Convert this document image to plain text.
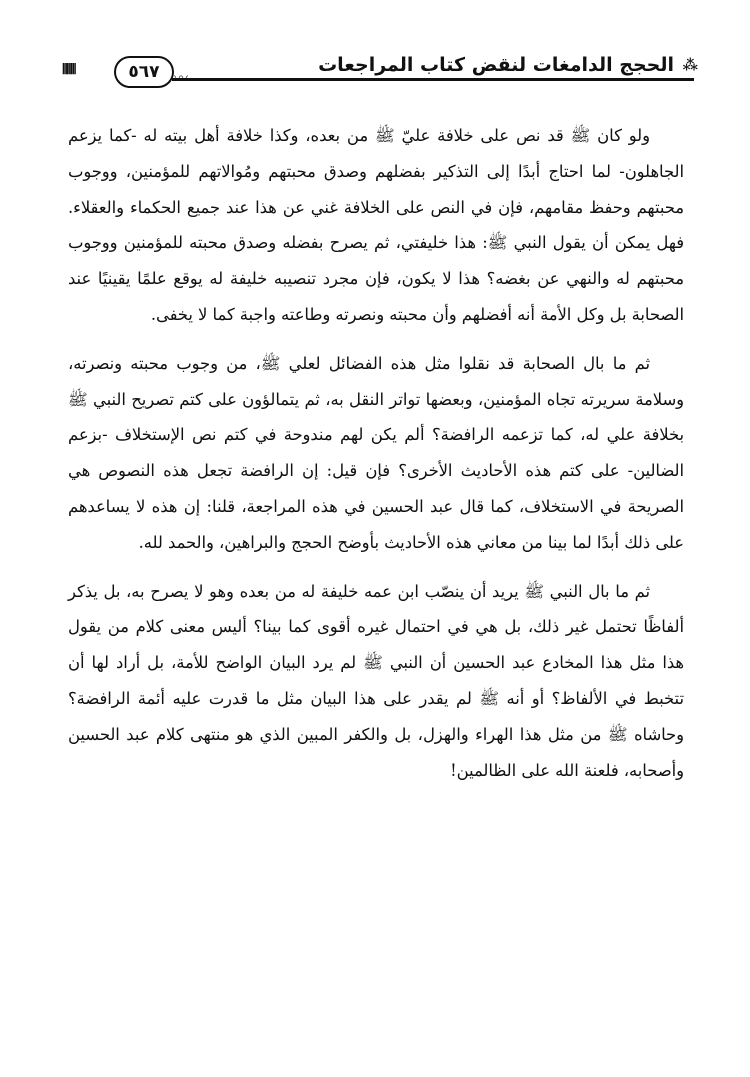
〰
⦀⦀⦀	٥٦٧	الحجج الدامغات لنقض كتاب المراجعات ⁂

ولو كان ﷺ قد نص على خلافة عليّ ﷺ من بعده، وكذا خلافة أهل بيته له -كما يزعم الجاهلون- لما احتاج أبدًا إلى التذكير بفضلهم وصدق محبتهم ومُوالاتهم للمؤمنين، ووجوب محبتهم وحفظ مقامهم، فإن في النص على الخلافة غني عن هذا عند جميع الحكماء والعقلاء. فهل يمكن أن يقول النبي ﷺ: هذا خليفتي، ثم يصرح بفضله وصدق محبته للمؤمنين ووجوب محبتهم له والنهي عن بغضه؟ هذا لا يكون، فإن مجرد تنصيبه خليفة له يوقع علمًا يقينيًا عند الصحابة بل وكل الأمة أنه أفضلهم وأن محبته ونصرته وطاعته واجبة كما لا يخفى.

ثم ما بال الصحابة قد نقلوا مثل هذه الفضائل لعلي ﷺ، من وجوب محبته ونصرته، وسلامة سريرته تجاه المؤمنين، وبعضها تواتر النقل به، ثم يتمالؤون على كتم تصريح النبي ﷺ بخلافة علي له، كما تزعمه الرافضة؟ ألم يكن لهم مندوحة في كتم نص الإستخلاف -بزعم الضالين- على كتم هذه الأحاديث الأخرى؟ فإن قيل: إن الرافضة تجعل هذه النصوص هي الصريحة في الاستخلاف، كما قال عبد الحسين في هذه المراجعة، قلنا: إن هذه لا يساعدهم على ذلك أبدًا لما بينا من معاني هذه الأحاديث بأوضح الحجج والبراهين، والحمد لله.

ثم ما بال النبي ﷺ يريد أن ينصّب ابن عمه خليفة له من بعده وهو لا يصرح به، بل يذكر ألفاظًا تحتمل غير ذلك، بل هي في احتمال غيره أقوى كما بينا؟ أليس معنى كلام من يقول هذا مثل هذا المخادع عبد الحسين أن النبي ﷺ لم يرد البيان الواضح للأمة، بل أراد لها أن تتخبط في الألفاظ؟ أو أنه ﷺ لم يقدر على هذا البيان مثل ما قدرت عليه أئمة الرافضة؟ وحاشاه ﷺ من مثل هذا الهراء والهزل، بل والكفر المبين الذي هو منتهى كلام عبد الحسين وأصحابه، فلعنة الله على الظالمين!
